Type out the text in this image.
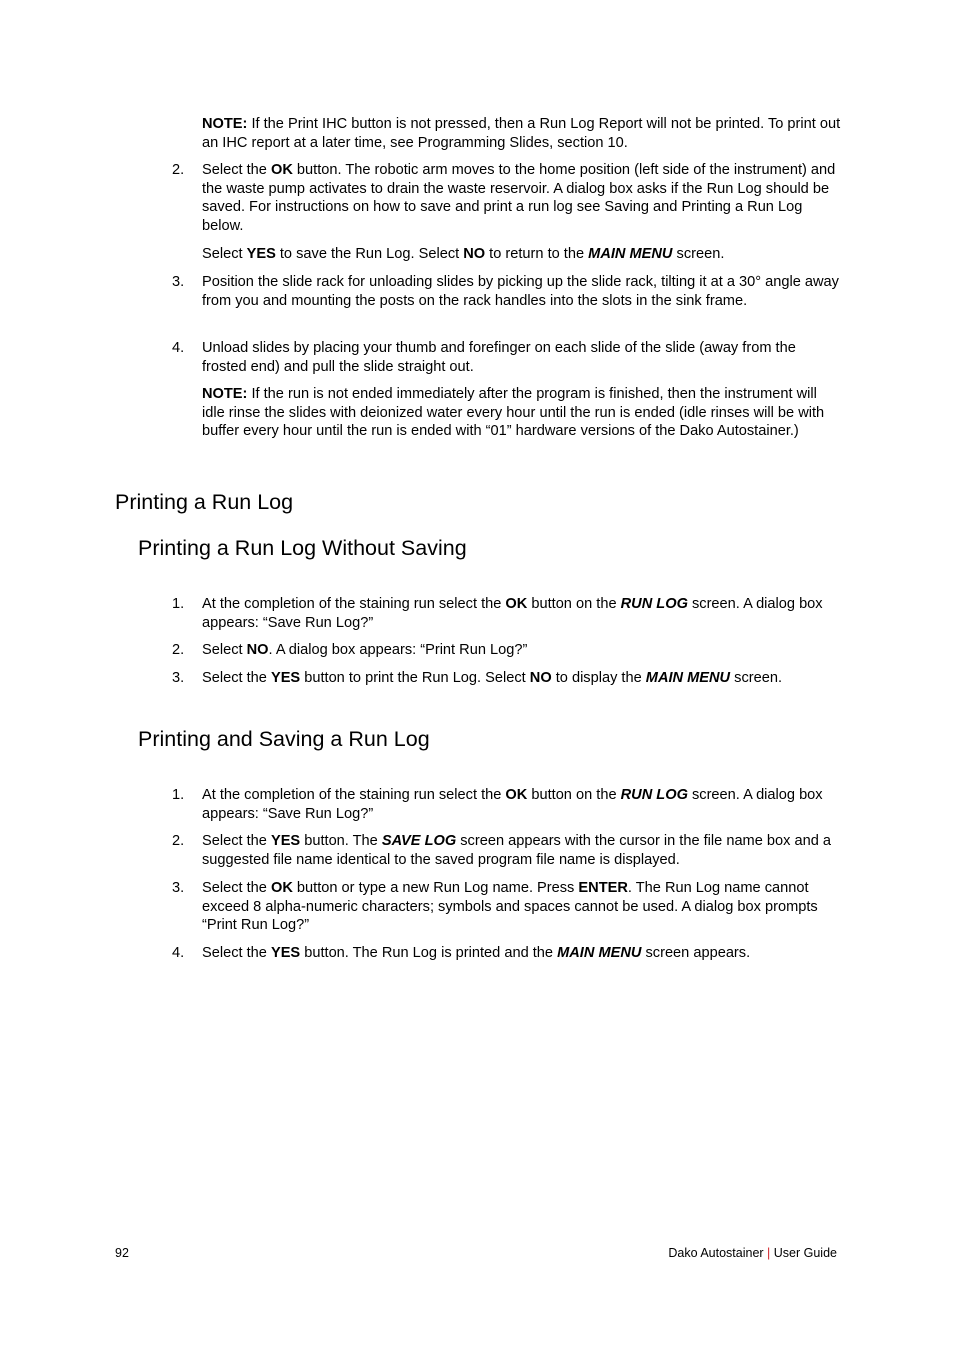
NOTE: If the Print IHC button is not pressed, then a Run Log Report will not be printed. To print out an IHC report at a later time, see Programming Slides, section 10.
2.	Select the OK button. The robotic arm moves to the home position (left side of the instrument) and the waste pump activates to drain the waste reservoir. A dialog box asks if the Run Log should be saved. For instructions on how to save and print a run log see Saving and Printing a Run Log below.
Select YES to save the Run Log. Select NO to return to the MAIN MENU screen.
3.	Position the slide rack for unloading slides by picking up the slide rack, tilting it at a 30° angle away from you and mounting the posts on the rack handles into the slots in the sink frame.
4.	Unload slides by placing your thumb and forefinger on each slide of the slide (away from the frosted end) and pull the slide straight out.
NOTE: If the run is not ended immediately after the program is finished, then the instrument will idle rinse the slides with deionized water every hour until the run is ended (idle rinses will be with buffer every hour until the run is ended with “01” hardware versions of the Dako Autostainer.)
Printing a Run Log
Printing a Run Log Without Saving
1.	At the completion of the staining run select the OK button on the RUN LOG screen. A dialog box appears: “Save Run Log?”
2.	Select NO. A dialog box appears: “Print Run Log?”
3.	Select the YES button to print the Run Log. Select NO to display the MAIN MENU screen.
Printing and Saving a Run Log
1.	At the completion of the staining run select the OK button on the RUN LOG screen. A dialog box appears: “Save Run Log?”
2.	Select the YES button. The SAVE LOG screen appears with the cursor in the file name box and a suggested file name identical to the saved program file name is displayed.
3.	Select the OK button or type a new Run Log name. Press ENTER. The Run Log name cannot exceed 8 alpha-numeric characters; symbols and spaces cannot be used. A dialog box prompts “Print Run Log?”
4.	Select the YES button. The Run Log is printed and the MAIN MENU screen appears.
92	Dako Autostainer | User Guide
